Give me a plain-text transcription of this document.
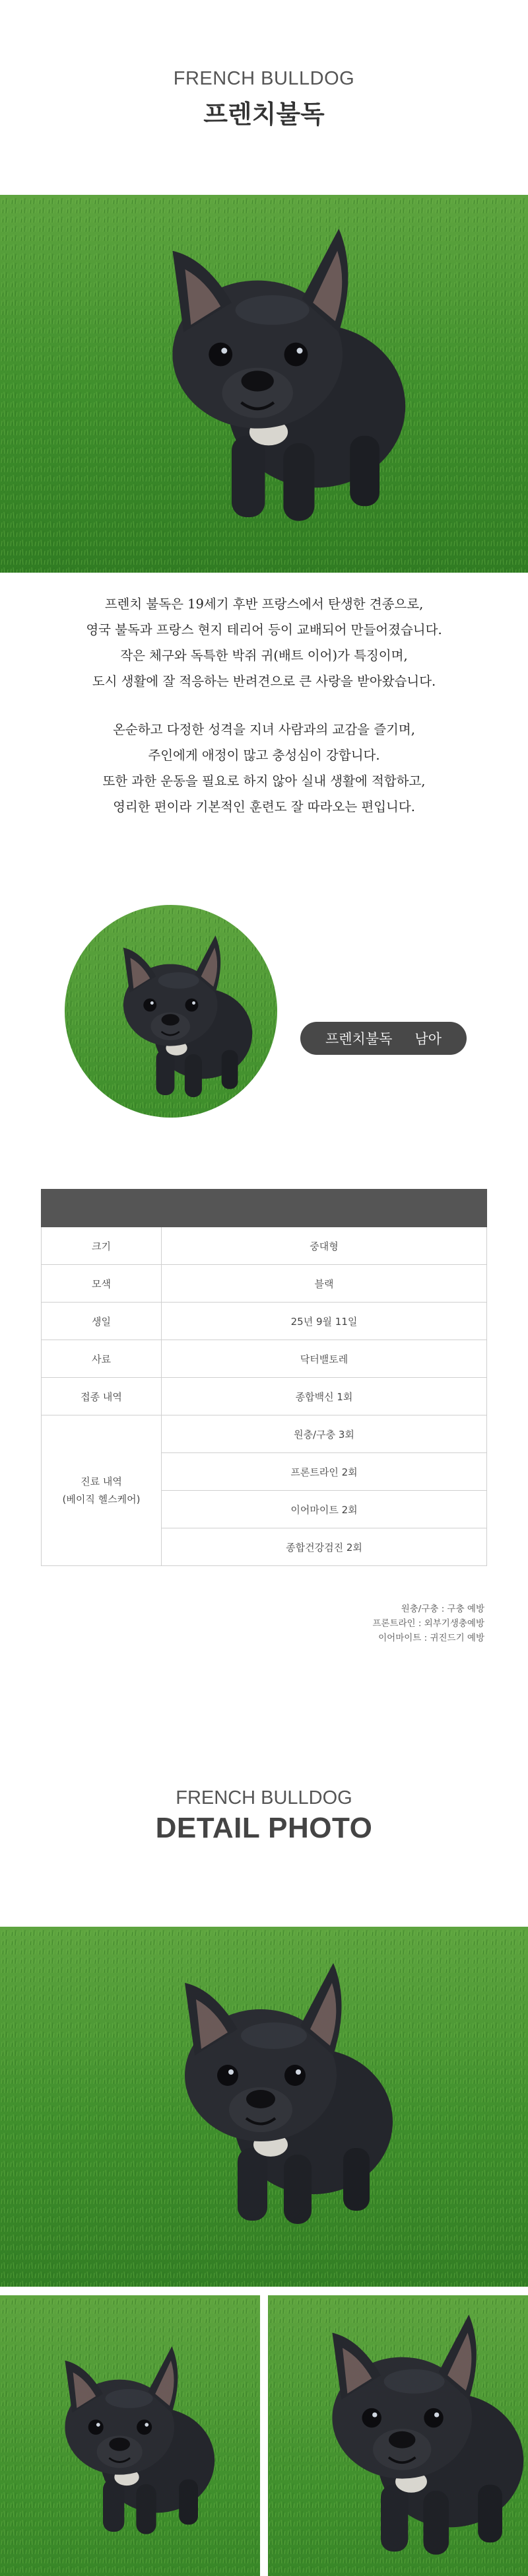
FRENCH BULLDOG
프렌치불독
프렌치 불독은 19세기 후반 프랑스에서 탄생한 견종으로,
영국 불독과 프랑스 현지 테리어 등이 교배되어 만들어졌습니다.
작은 체구와 독특한 박쥐 귀(배트 이어)가 특징이며,
도시 생활에 잘 적응하는 반려견으로 큰 사랑을 받아왔습니다.
온순하고 다정한 성격을 지녀 사람과의 교감을 즐기며,
주인에게 애정이 많고 충성심이 강합니다.
또한 과한 운동을 필요로 하지 않아 실내 생활에 적합하고,
영리한 편이라 기본적인 훈련도 잘 따라오는 편입니다.
프렌치불독 남아

크기	중대형
모색	블랙
생일	25년 9월 11일
사료	닥터밸토레
접종 내역	종합백신 1회

진료 내역
(베이직 헬스케어)	원충/구충 3회
	프론트라인 2회
	이어마이트 2회
	종합건강검진 2회
원충/구충 : 구충 예방
프론트라인 : 외부기생충예방
이어마이트 : 귀진드기 예방
FRENCH BULLDOG
DETAIL PHOTO
